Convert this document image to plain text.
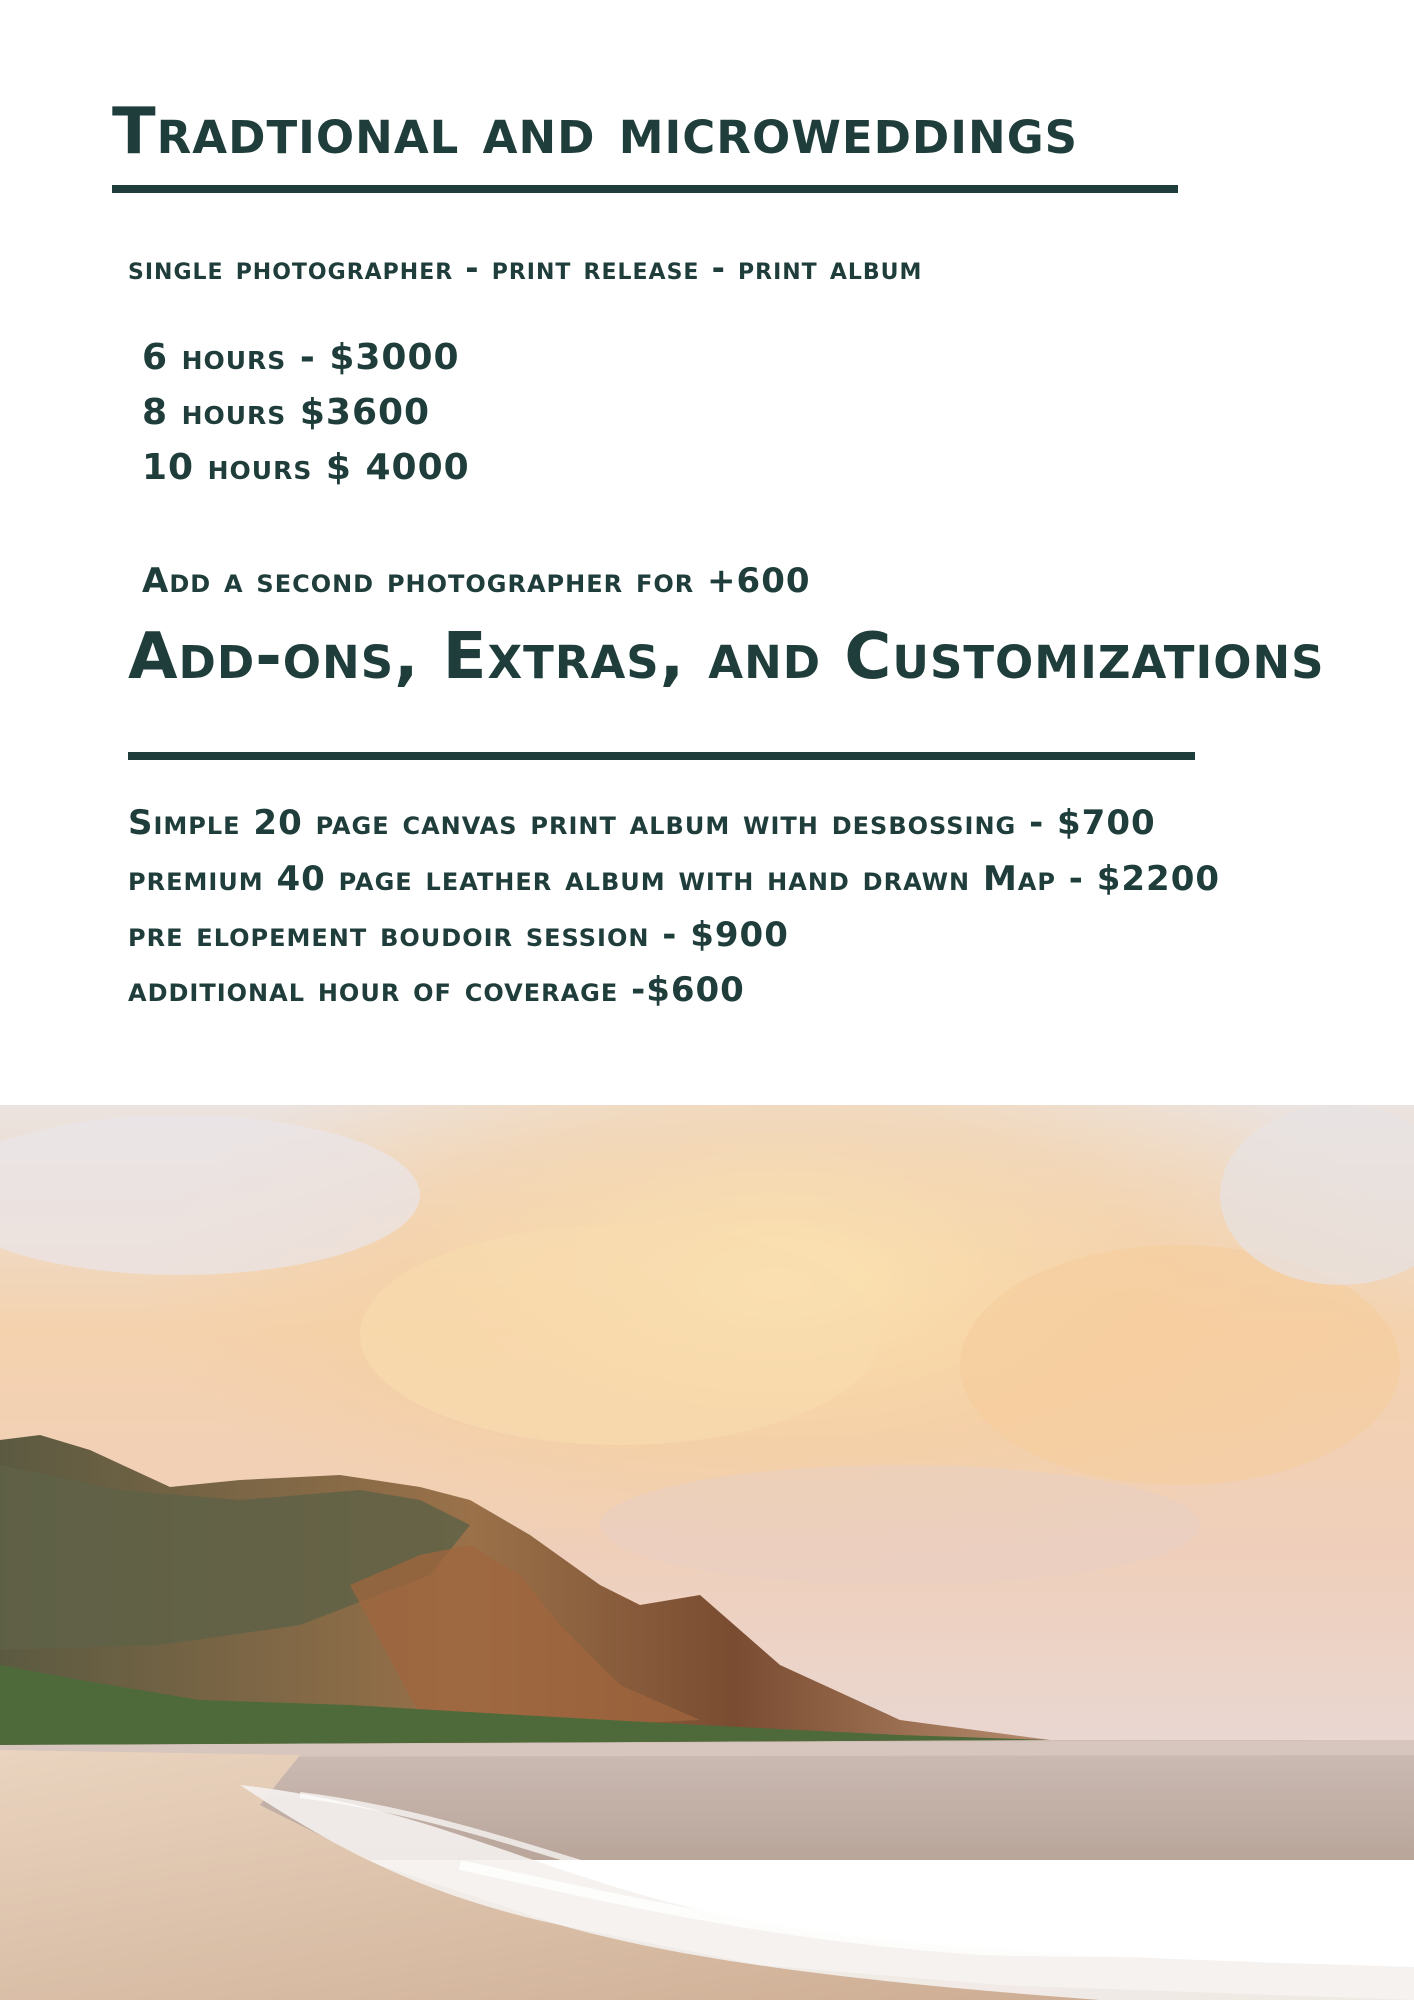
Tradtional and microweddings

single photographer - print release - print album

6 hours - $3000

8 hours $3600

10 hours $ 4000

Add a second photographer for +600

Add-ons, Extras, and Customizations

Simple 20 page canvas print album with desbossing - $700

premium 40 page leather album with hand drawn Map - $2200

pre elopement boudoir session - $900

additional hour of coverage -$600
